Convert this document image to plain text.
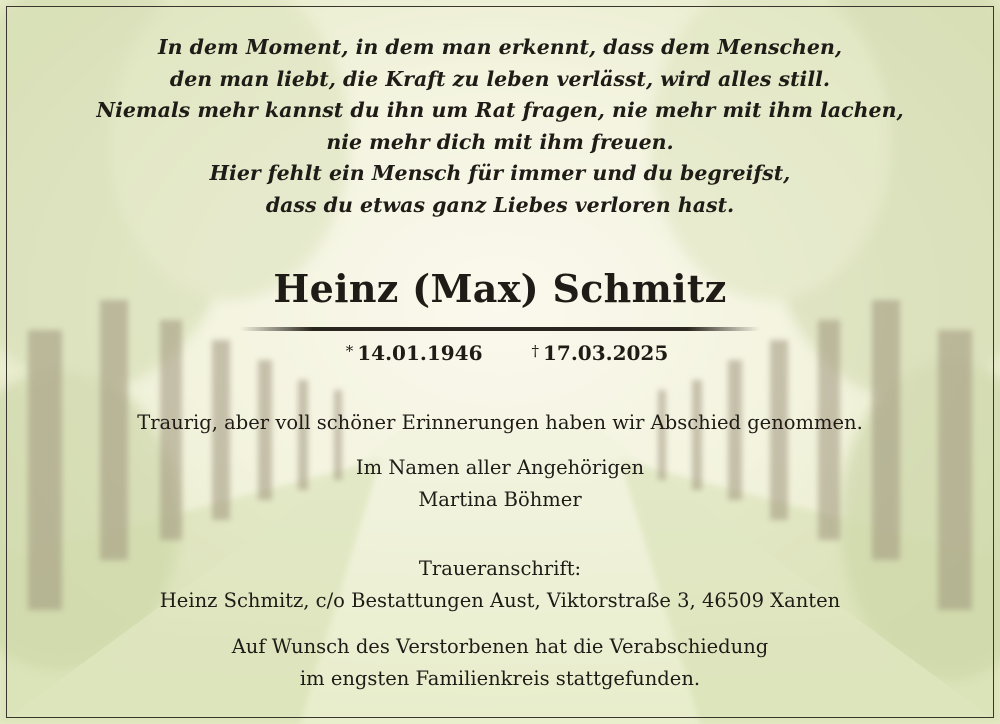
In dem Moment, in dem man erkennt, dass dem Menschen,
den man liebt, die Kraft zu leben verlässt, wird alles still.
Niemals mehr kannst du ihn um Rat fragen, nie mehr mit ihm lachen,
nie mehr dich mit ihm freuen.
Hier fehlt ein Mensch für immer und du begreifst,
dass du etwas ganz Liebes verloren hast.
Heinz (Max) Schmitz
* 14.01.1946	† 17.03.2025
Traurig, aber voll schöner Erinnerungen haben wir Abschied genommen.
Im Namen aller Angehörigen
Martina Böhmer
Traueranschrift:
Heinz Schmitz, c/o Bestattungen Aust, Viktorstraße 3, 46509 Xanten
Auf Wunsch des Verstorbenen hat die Verabschiedung
im engsten Familienkreis stattgefunden.
